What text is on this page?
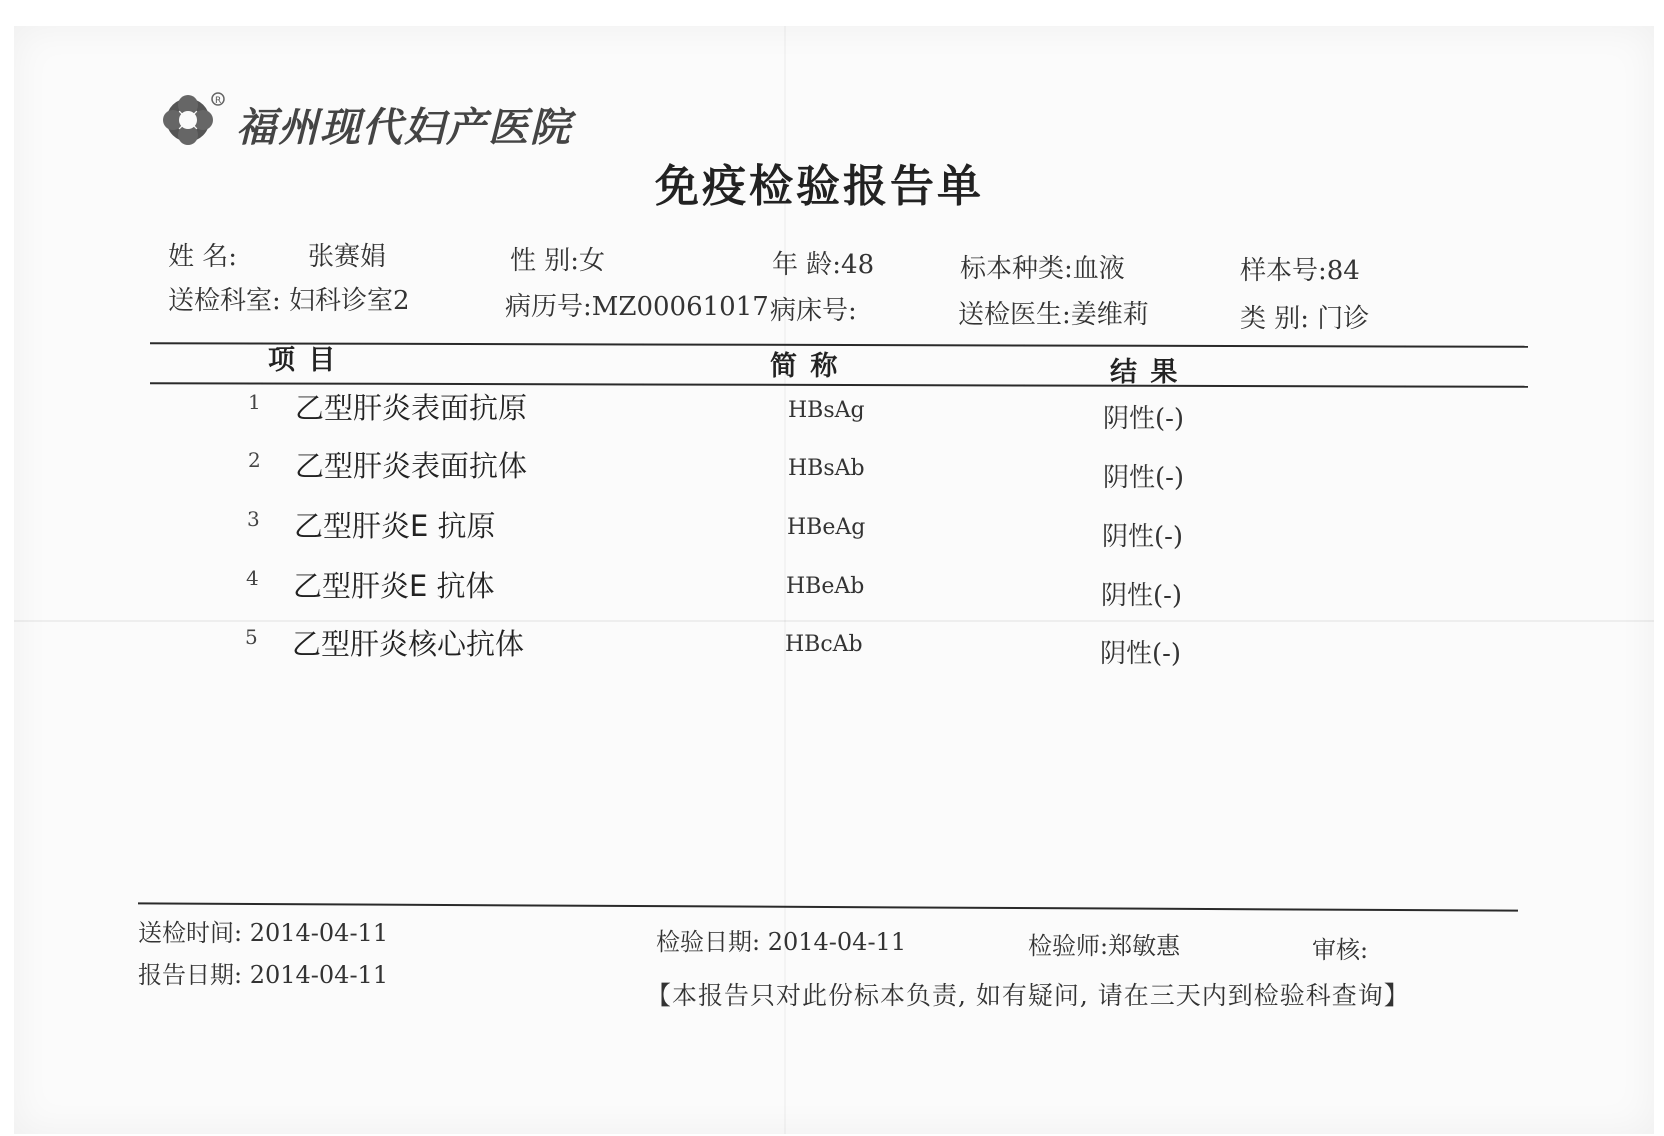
R
福州现代妇产医院
免疫检验报告单
姓 名:	张赛娟	性 别:女	年 龄:48	标本种类:血液	样本号:84
送检科室: 妇科诊室2	病历号:MZ00061017 病床号:	送检医生:姜维莉	类 别: 门诊
项 目	简 称	结 果
1 乙型肝炎表面抗原	HBsAg	阴性(-)
2 乙型肝炎表面抗体	HBsAb	阴性(-)
3 乙型肝炎E 抗原	HBeAg	阴性(-)
4 乙型肝炎E 抗体	HBeAb	阴性(-)
5 乙型肝炎核心抗体	HBcAb	阴性(-)
送检时间: 2014-04-11
报告日期: 2014-04-11
检验日期: 2014-04-11	检验师:郑敏惠	审核:
【本报告只对此份标本负责, 如有疑问, 请在三天内到检验科查询】
